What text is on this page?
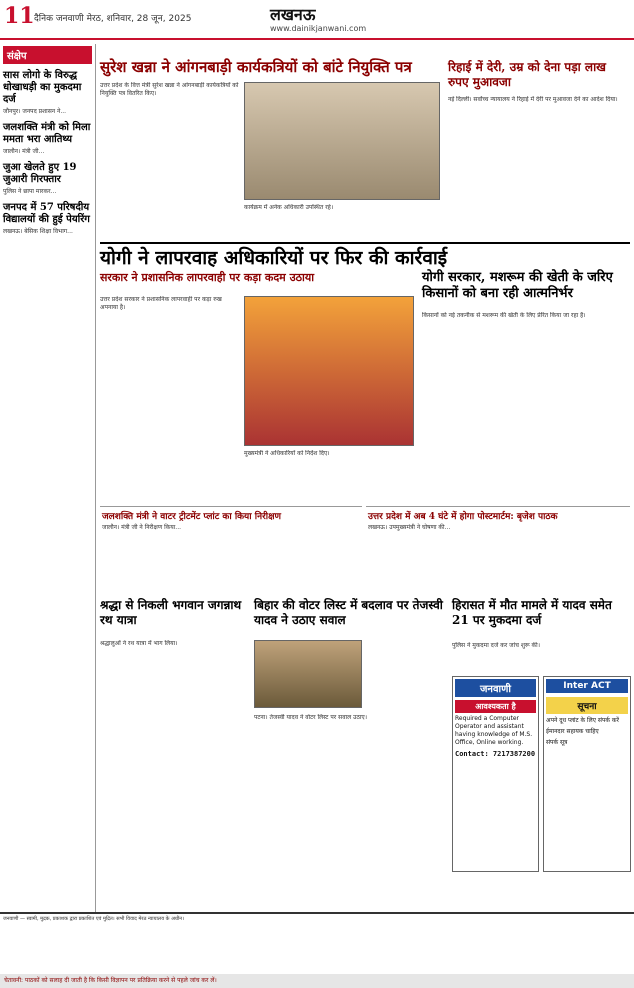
11 दैनिक जनवाणी मेरठ, शनिवार, 28 जून, 2025	लखनऊ
www.dainikjanwani.com
संक्षेप
सास लोगो के विरुद्ध धोखाधड़ी का मुकदमा दर्ज
जौनपुर। जनपद प्रशासन ने...
जलशक्ति मंत्री को मिला ममता भरा आतिथ्य
जालौन। मंत्री जी...
जुआ खेलते हुए 19 जुआरी गिरफ्तार
पुलिस ने छापा मारकर...
जनपद में 57 परिषदीय विद्यालयों की हुई पेयरिंग
लखनऊ। बेसिक शिक्षा विभाग...
सुरेश खन्ना ने आंगनबाड़ी कार्यकत्रियों को बांटे नियुक्ति पत्र
उत्तर प्रदेश के वित्त मंत्री सुरेश खन्ना ने आंगनबाड़ी कार्यकत्रियों को नियुक्ति पत्र वितरित किए।
कार्यक्रम में अनेक अधिकारी उपस्थित रहे।
रिहाई में देरी, उम्र को देना पड़ा लाख रुपए मुआवजा
नई दिल्ली। सर्वोच्च न्यायालय ने रिहाई में देरी पर मुआवजा देने का आदेश दिया।
योगी ने लापरवाह अधिकारियों पर फिर की कार्रवाई
सरकार ने प्रशासनिक लापरवाही पर कड़ा कदम उठाया
उत्तर प्रदेश सरकार ने प्रशासनिक लापरवाही पर कड़ा रुख अपनाया है।
मुख्यमंत्री ने अधिकारियों को निर्देश दिए।
योगी सरकार, मशरूम की खेती के जरिए किसानों को बना रही आत्मनिर्भर
किसानों को नई तकनीक से मशरूम की खेती के लिए प्रेरित किया जा रहा है।
जलशक्ति मंत्री ने वाटर ट्रीटमेंट प्लांट का किया निरीक्षण
जालौन। मंत्री जी ने निरीक्षण किया...
उत्तर प्रदेश में अब 4 घंटे में होगा पोस्टमार्टम: बृजेश पाठक
लखनऊ। उपमुख्यमंत्री ने घोषणा की...
श्रद्धा से निकली भगवान जगन्नाथ रथ यात्रा
श्रद्धालुओं ने रथ यात्रा में भाग लिया।
बिहार की वोटर लिस्ट में बदलाव पर तेजस्वी यादव ने उठाए सवाल
पटना। तेजस्वी यादव ने वोटर लिस्ट पर सवाल उठाए।
हिरासत में मौत मामले में यादव समेत 21 पर मुकदमा दर्ज
पुलिस ने मुकदमा दर्ज कर जांच शुरू की।
जनवाणी
आवश्यकता है
Required a Computer Operator and assistant having knowledge of M.S. Office, Online working.
Contact: 7217387200
Inter ACT
सूचना
अपने दूध प्लांट के लिए संपर्क करें
ईमानदार सहायक चाहिए
संपर्क सूत्र
जनवाणी — स्वामी, मुद्रक, प्रकाशक द्वारा प्रकाशित एवं मुद्रित। सभी विवाद मेरठ न्यायालय के अधीन।
चेतावनी: पाठकों को सलाह दी जाती है कि किसी विज्ञापन पर प्रतिक्रिया करने से पहले जांच कर लें।
